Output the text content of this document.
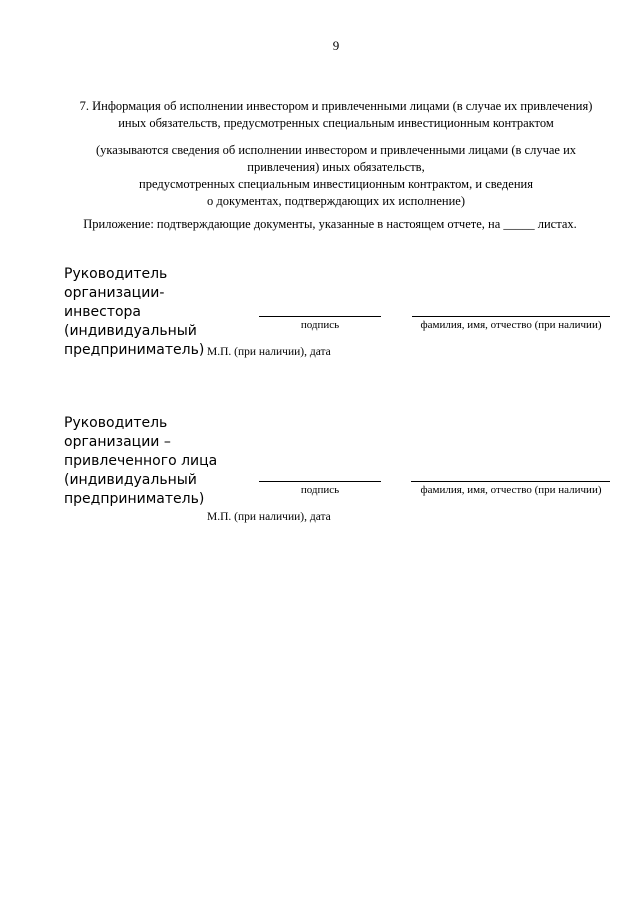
9
7. Информация об исполнении инвестором и привлеченными лицами (в случае их привлечения)
иных обязательств, предусмотренных специальным инвестиционным контрактом
(указываются сведения об исполнении инвестором и привлеченными лицами (в случае их
привлечения) иных обязательств,
предусмотренных специальным инвестиционным контрактом, и сведения
о документах, подтверждающих их исполнение)
Приложение: подтверждающие документы, указанные в настоящем отчете, на _____ листах.
Руководитель организации-
инвестора (индивидуальный
предприниматель)
подпись	фамилия, имя, отчество (при наличии)
М.П. (при наличии), дата
Руководитель организации –
привлеченного лица
(индивидуальный
предприниматель)
подпись	фамилия, имя, отчество (при наличии)
М.П. (при наличии), дата
